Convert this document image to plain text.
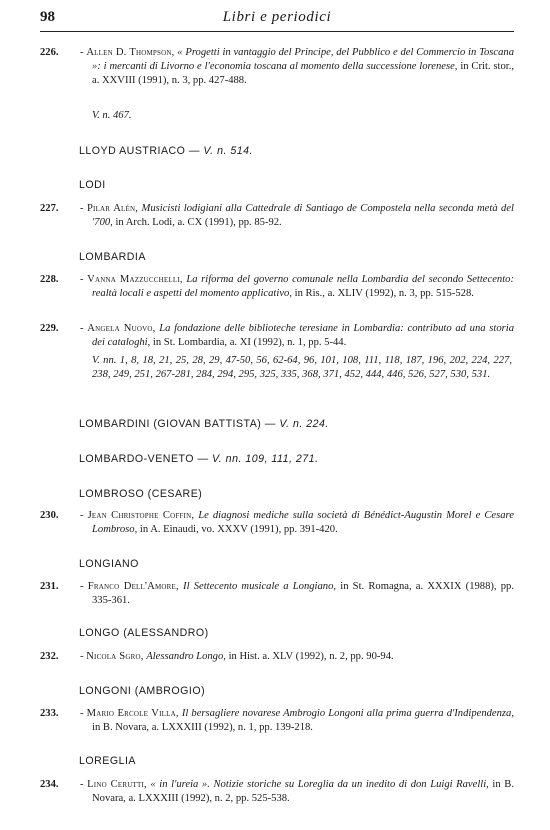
98	Libri e periodici
226.	- Allen D. Thompson, « Progetti in vantaggio del Principe, del Pubblico e del Commercio in Toscana »: i mercanti di Livorno e l'economia toscana al momento della successione lorenese, in Crit. stor., a. XXVIII (1991), n. 3, pp. 427-488.
V. n. 467.
LLOYD AUSTRIACO — V. n. 514.
LODI
227.	- Pilar Alén, Musicisti lodigiani alla Cattedrale di Santiago de Compostela nella seconda metà del '700, in Arch. Lodi, a. CX (1991), pp. 85-92.
LOMBARDIA
228.	- Vanna Mazzucchelli, La riforma del governo comunale nella Lombardia del secondo Settecento: realtà locali e aspetti del momento applicativo, in Ris., a. XLIV (1992), n. 3, pp. 515-528.
229.	- Angela Nuovo, La fondazione delle biblioteche teresiane in Lombardia: contributo ad una storia dei cataloghi, in St. Lombardia, a. XI (1992), n. 1, pp. 5-44.
V. nn. 1, 8, 18, 21, 25, 28, 29, 47-50, 56, 62-64, 96, 101, 108, 111, 118, 187, 196, 202, 224, 227, 238, 249, 251, 267-281, 284, 294, 295, 325, 335, 368, 371, 452, 444, 446, 526, 527, 530, 531.
LOMBARDINI (GIOVAN BATTISTA) — V. n. 224.
LOMBARDO-VENETO — V. nn. 109, 111, 271.
LOMBROSO (CESARE)
230.	- Jean Christophe Coffin, Le diagnosi mediche sulla società di Bénédict-Augustin Morel e Cesare Lombroso, in A. Einaudi, vo. XXXV (1991), pp. 391-420.
LONGIANO
231.	- Franco Dell'Amore, Il Settecento musicale a Longiano, in St. Romagna, a. XXXIX (1988), pp. 335-361.
LONGO (ALESSANDRO)
232.	- Nicola Sgro, Alessandro Longo, in Hist. a. XLV (1992), n. 2, pp. 90-94.
LONGONI (AMBROGIO)
233.	- Mario Ercole Villa, Il bersagliere novarese Ambrogio Longoni alla prima guerra d'Indipendenza, in B. Novara, a. LXXXIII (1992), n. 1, pp. 139-218.
LOREGLIA
234.	- Lino Cerutti, « in l'ureia ». Notizie storiche su Loreglia da un inedito di don Luigi Ravelli, in B. Novara, a. LXXXIII (1992), n. 2, pp. 525-538.
